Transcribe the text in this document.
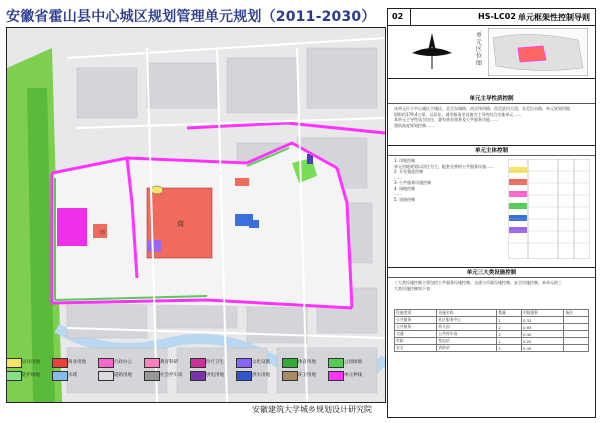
安徽省霍山县中心城区规划管理单元规划（2011-2030）
商
商
居住用地	商业用地	行政办公	教育科研	医疗卫生	文化设施	体育用地	公园绿地
防护绿地	水域	道路用地	社会停车场	供电用地	供水用地	环卫用地	单元界线
安徽建筑大学城乡规划设计研究院
02	HS-LC02 单元框架性控制导则
单元区位图
单元主导性质控制
该单元位于中心城区主城区，北至东城路，南至纬四路，西至滨河大道，东至沿水路，单元规划用地
面积约179.4公顷，以居住、商业服务业设施为主导的综合功能单元……
本单元主导性质为居住，兼有商业商务及公共服务功能……
建筑高度规划控制……
单元主体控制
1. 用地控制
单元用地规划以居住为主，配套完善的公共服务设施……
2. 开发强度控制
……
3. 公共服务设施控制
4. 绿地控制
……
5. 道路控制
单元三大类设施控制
三大类设施控制主要包括公共服务设施控制、交通与市政设施控制、安全设施控制。本单元的三
大类设施控制如下表：
设施类别	设施名称	数量	用地面积	备注
公共服务	社区服务中心	1	0.32	
公共服务	幼儿园	2	0.65	
交通	公共停车场	2	0.40	
市政	变电站	1	0.20	
安全	消防站	1	0.35	
